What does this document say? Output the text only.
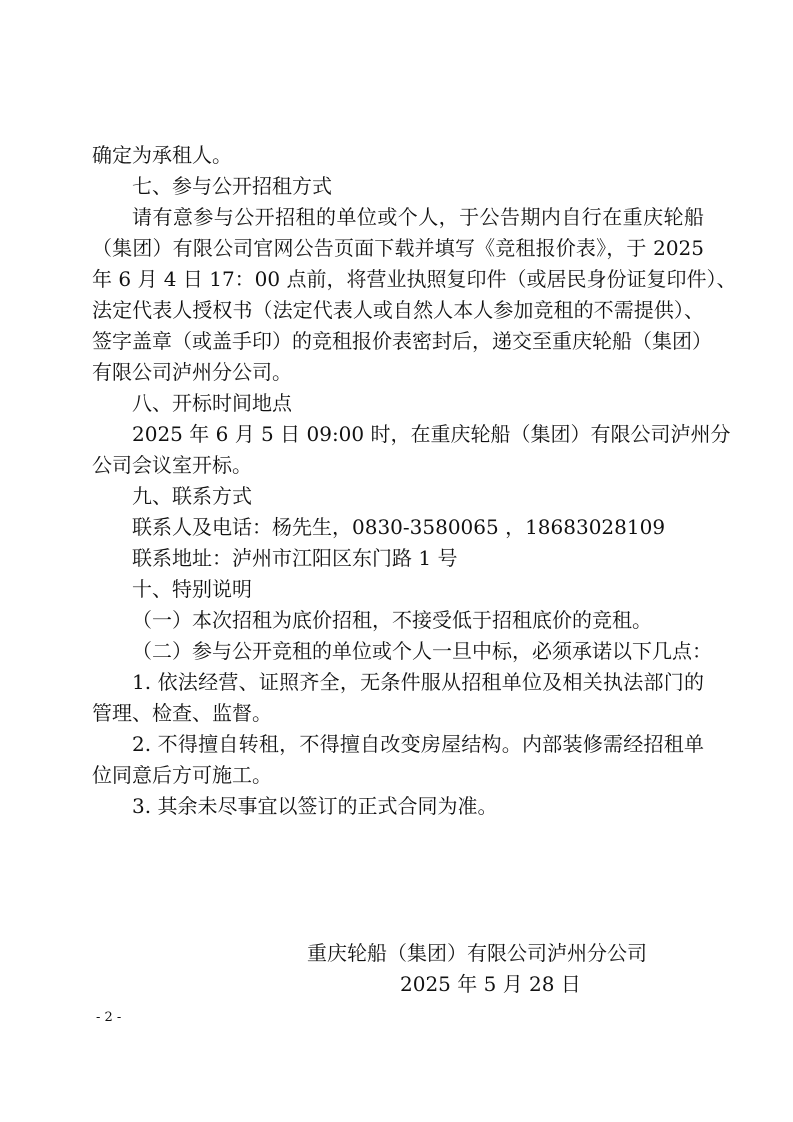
确定为承租人。

七、参与公开招租方式

请有意参与公开招租的单位或个人，于公告期内自行在重庆轮船

（集团）有限公司官网公告页面下载并填写《竞租报价表》，于 2025

年 6 月 4 日 17：00 点前，将营业执照复印件（或居民身份证复印件）、

法定代表人授权书（法定代表人或自然人本人参加竞租的不需提供）、

签字盖章（或盖手印）的竞租报价表密封后，递交至重庆轮船（集团）

有限公司泸州分公司。

八、开标时间地点

2025 年 6 月 5 日 09:00 时，在重庆轮船（集团）有限公司泸州分

公司会议室开标。

九、联系方式

联系人及电话：杨先生，0830-3580065 ，18683028109

联系地址：泸州市江阳区东门路 1 号

十、特别说明

（一）本次招租为底价招租，不接受低于招租底价的竞租。

（二）参与公开竞租的单位或个人一旦中标，必须承诺以下几点：

1. 依法经营、证照齐全，无条件服从招租单位及相关执法部门的

管理、检查、监督。

2. 不得擅自转租，不得擅自改变房屋结构。内部装修需经招租单

位同意后方可施工。

3. 其余未尽事宜以签订的正式合同为准。

重庆轮船（集团）有限公司泸州分公司
2025 年 5 月 28 日
- 2 -
